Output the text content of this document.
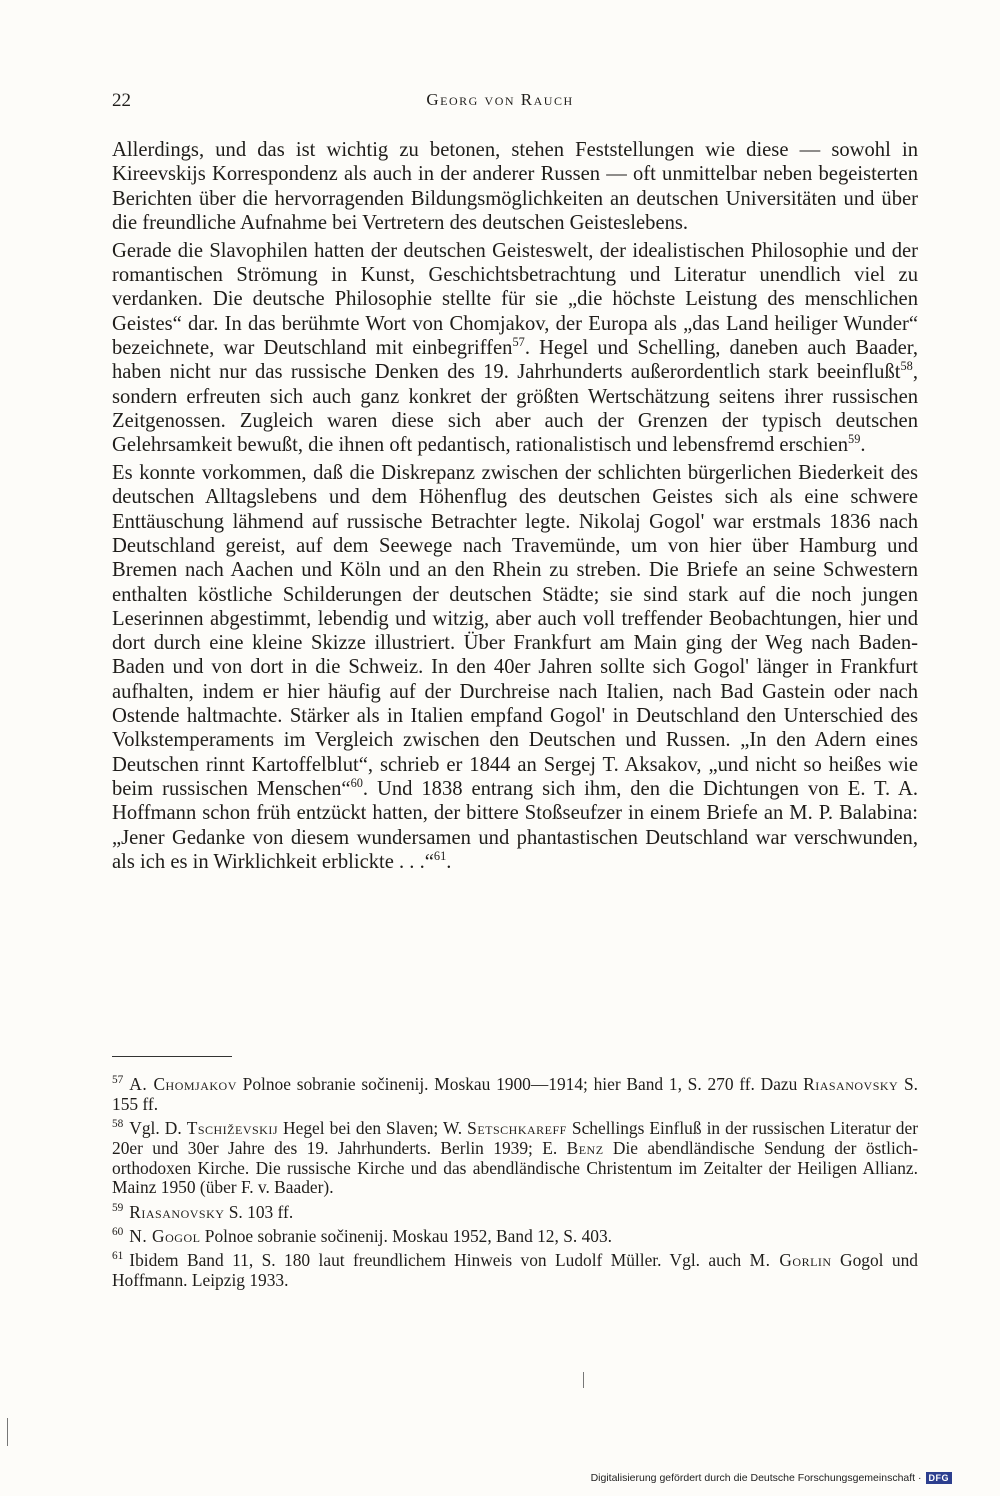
22	Georg von Rauch

Allerdings, und das ist wichtig zu betonen, stehen Feststellungen wie diese — sowohl in Kireevskijs Korrespondenz als auch in der anderer Russen — oft unmittelbar neben begeisterten Berichten über die hervorragenden Bildungsmöglichkeiten an deutschen Universitäten und über die freundliche Aufnahme bei Vertretern des deutschen Geisteslebens.

Gerade die Slavophilen hatten der deutschen Geisteswelt, der idealistischen Philosophie und der romantischen Strömung in Kunst, Geschichtsbetrachtung und Literatur unendlich viel zu verdanken. Die deutsche Philosophie stellte für sie „die höchste Leistung des menschlichen Geistes“ dar. In das berühmte Wort von Chomjakov, der Europa als „das Land heiliger Wunder“ bezeichnete, war Deutschland mit einbegriffen$^{57}$. Hegel und Schelling, daneben auch Baader, haben nicht nur das russische Denken des 19. Jahrhunderts außerordentlich stark beeinflußt$^{58}$, sondern erfreuten sich auch ganz konkret der größten Wertschätzung seitens ihrer russischen Zeitgenossen. Zugleich waren diese sich aber auch der Grenzen der typisch deutschen Gelehrsamkeit bewußt, die ihnen oft pedantisch, rationalistisch und lebensfremd erschien$^{59}$.

Es konnte vorkommen, daß die Diskrepanz zwischen der schlichten bürgerlichen Biederkeit des deutschen Alltagslebens und dem Höhenflug des deutschen Geistes sich als eine schwere Enttäuschung lähmend auf russische Betrachter legte. Nikolaj Gogol' war erstmals 1836 nach Deutschland gereist, auf dem Seewege nach Travemünde, um von hier über Hamburg und Bremen nach Aachen und Köln und an den Rhein zu streben. Die Briefe an seine Schwestern enthalten köstliche Schilderungen der deutschen Städte; sie sind stark auf die noch jungen Leserinnen abgestimmt, lebendig und witzig, aber auch voll treffender Beobachtungen, hier und dort durch eine kleine Skizze illustriert. Über Frankfurt am Main ging der Weg nach Baden-Baden und von dort in die Schweiz. In den 40er Jahren sollte sich Gogol' länger in Frankfurt aufhalten, indem er hier häufig auf der Durchreise nach Italien, nach Bad Gastein oder nach Ostende haltmachte. Stärker als in Italien empfand Gogol' in Deutschland den Unterschied des Volkstemperaments im Vergleich zwischen den Deutschen und Russen. „In den Adern eines Deutschen rinnt Kartoffelblut“, schrieb er 1844 an Sergej T. Aksakov, „und nicht so heißes wie beim russischen Menschen“$^{60}$. Und 1838 entrang sich ihm, den die Dichtungen von E. T. A. Hoffmann schon früh entzückt hatten, der bittere Stoßseufzer in einem Briefe an M. P. Balabina: „Jener Gedanke von diesem wundersamen und phantastischen Deutschland war verschwunden, als ich es in Wirklichkeit erblickte . . .“$^{61}$.

$^{57}$ A. Chomjakov Polnoe sobranie sočinenij. Moskau 1900—1914; hier Band 1, S. 270 ff. Dazu Riasanovsky S. 155 ff.

$^{58}$ Vgl. D. Tschiževskij Hegel bei den Slaven; W. Setschkareff Schellings Einfluß in der russischen Literatur der 20er und 30er Jahre des 19. Jahrhunderts. Berlin 1939; E. Benz Die abendländische Sendung der östlich-orthodoxen Kirche. Die russische Kirche und das abendländische Christentum im Zeitalter der Heiligen Allianz. Mainz 1950 (über F. v. Baader).

$^{59}$ Riasanovsky S. 103 ff.

$^{60}$ N. Gogol Polnoe sobranie sočinenij. Moskau 1952, Band 12, S. 403.

$^{61}$ Ibidem Band 11, S. 180 laut freundlichem Hinweis von Ludolf Müller. Vgl. auch M. Gorlin Gogol und Hoffmann. Leipzig 1933.

Digitalisierung gefördert durch die Deutsche Forschungsgemeinschaft · DFG
